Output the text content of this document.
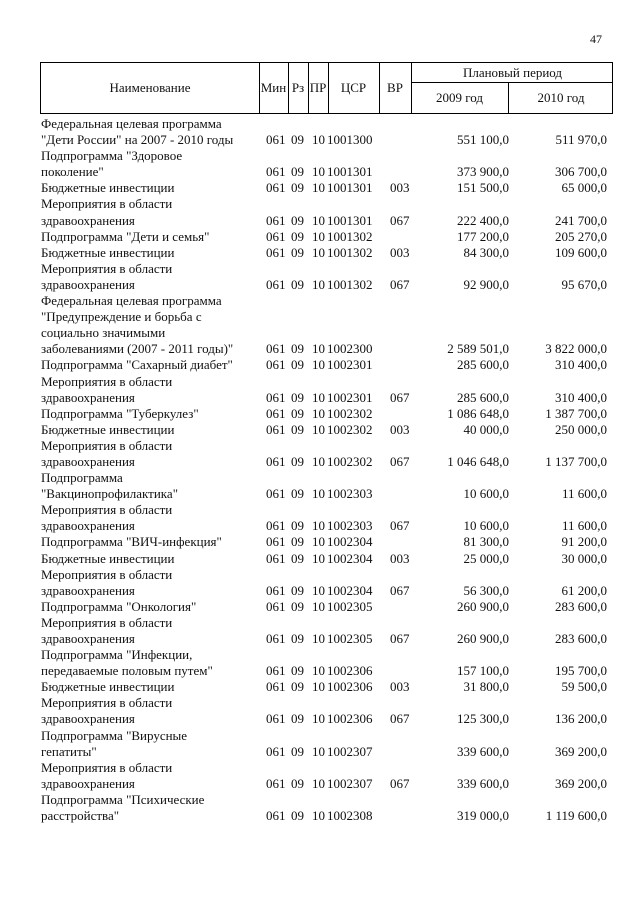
47
Наименование	Мин Рз ПР	ЦСР	ВР
Плановый период
2009 год	2010 год
Федеральная целевая программа
"Дети России" на 2007 - 2010 годы	061 09 10 1001300	551 100,0	511 970,0
Подпрограмма "Здоровое
поколение"	061 09 10 1001301	373 900,0	306 700,0
Бюджетные инвестиции	061 09 10 1001301 003	151 500,0	65 000,0
Мероприятия в области
здравоохранения	061 09 10 1001301 067	222 400,0	241 700,0
Подпрограмма "Дети и семья"	061 09 10 1001302	177 200,0	205 270,0
Бюджетные инвестиции	061 09 10 1001302 003	84 300,0	109 600,0
Мероприятия в области
здравоохранения	061 09 10 1001302 067	92 900,0	95 670,0
Федеральная целевая программа
"Предупреждение и борьба с
социально значимыми
заболеваниями (2007 - 2011 годы)"	061 09 10 1002300	2 589 501,0	3 822 000,0
Подпрограмма "Сахарный диабет"	061 09 10 1002301	285 600,0	310 400,0
Мероприятия в области
здравоохранения	061 09 10 1002301 067	285 600,0	310 400,0
Подпрограмма "Туберкулез"	061 09 10 1002302	1 086 648,0	1 387 700,0
Бюджетные инвестиции	061 09 10 1002302 003	40 000,0	250 000,0
Мероприятия в области
здравоохранения	061 09 10 1002302 067	1 046 648,0	1 137 700,0
Подпрограмма
"Вакцинопрофилактика"	061 09 10 1002303	10 600,0	11 600,0
Мероприятия в области
здравоохранения	061 09 10 1002303 067	10 600,0	11 600,0
Подпрограмма "ВИЧ-инфекция"	061 09 10 1002304	81 300,0	91 200,0
Бюджетные инвестиции	061 09 10 1002304 003	25 000,0	30 000,0
Мероприятия в области
здравоохранения	061 09 10 1002304 067	56 300,0	61 200,0
Подпрограмма "Онкология"	061 09 10 1002305	260 900,0	283 600,0
Мероприятия в области
здравоохранения	061 09 10 1002305 067	260 900,0	283 600,0
Подпрограмма "Инфекции,
передаваемые половым путем"	061 09 10 1002306	157 100,0	195 700,0
Бюджетные инвестиции	061 09 10 1002306 003	31 800,0	59 500,0
Мероприятия в области
здравоохранения	061 09 10 1002306 067	125 300,0	136 200,0
Подпрограмма "Вирусные
гепатиты"	061 09 10 1002307	339 600,0	369 200,0
Мероприятия в области
здравоохранения	061 09 10 1002307 067	339 600,0	369 200,0
Подпрограмма "Психические
расстройства"	061 09 10 1002308	319 000,0	1 119 600,0
